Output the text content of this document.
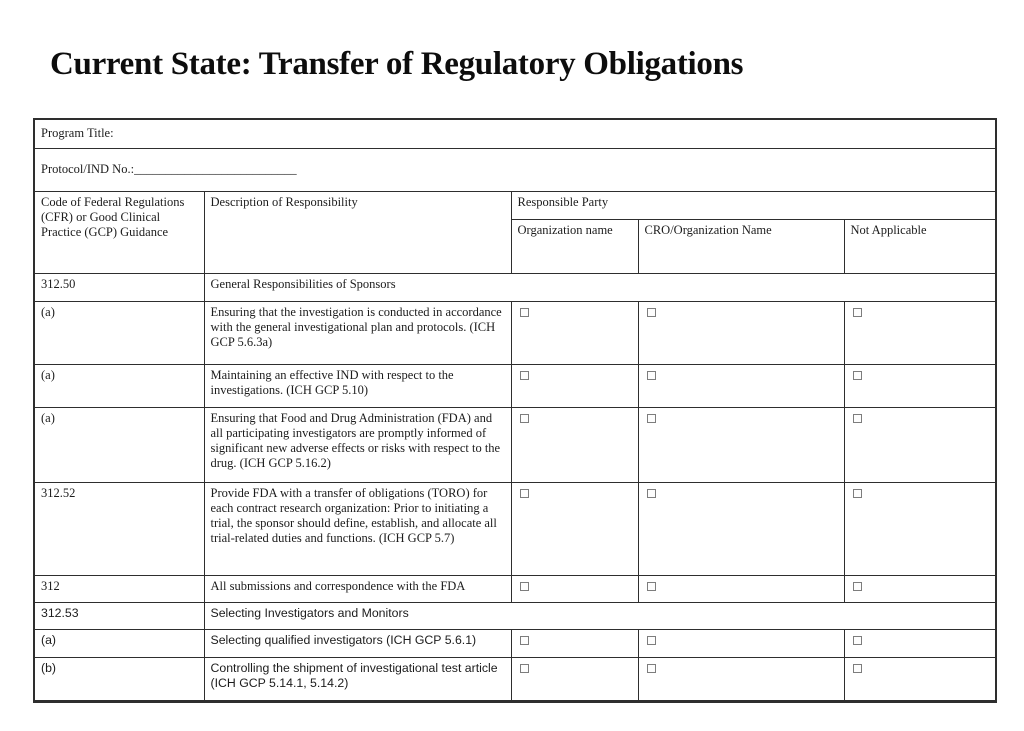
Current State: Transfer of Regulatory Obligations
Program Title:				
Protocol/IND No.:__________________________				
Code of Federal Regulations (CFR) or Good Clinical Practice (GCP) Guidance	Description of Responsibility	Responsible Party		
		Organization name	CRO/Organization Name	Not Applicable
312.50	General Responsibilities of Sponsors			
(a)	Ensuring that the investigation is conducted in accordance with the general investigational plan and protocols. (ICH GCP 5.6.3a)			
(a)	Maintaining an effective IND with respect to the investigations. (ICH GCP 5.10)			
(a)	Ensuring that Food and Drug Administration (FDA) and all participating investigators are promptly informed of significant new adverse effects or risks with respect to the drug. (ICH GCP 5.16.2)			
312.52	Provide FDA with a transfer of obligations (TORO) for each contract research organization: Prior to initiating a trial, the sponsor should define, establish, and allocate all trial-related duties and functions. (ICH GCP 5.7)			
312	All submissions and correspondence with the FDA			
312.53	Selecting Investigators and Monitors			
(a)	Selecting qualified investigators (ICH GCP 5.6.1)			
(b)	Controlling the shipment of investigational test article (ICH GCP 5.14.1, 5.14.2)			
